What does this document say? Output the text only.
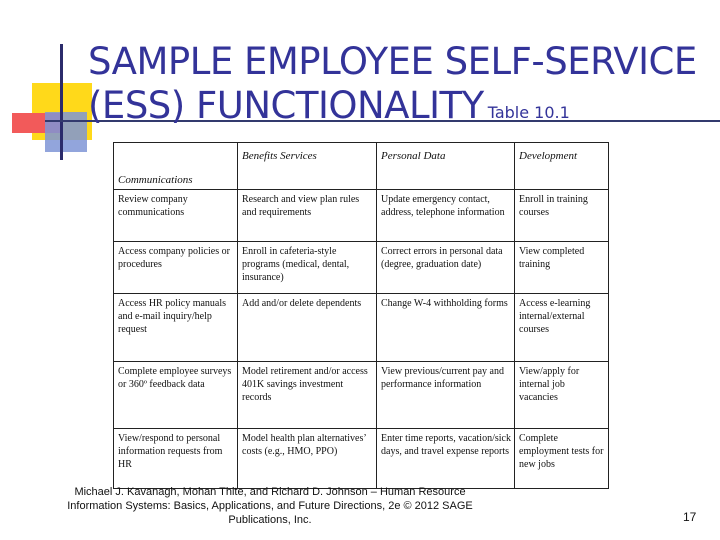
SAMPLE EMPLOYEE SELF-SERVICE
(ESS) FUNCTIONALITY Table 10.1
Communications	Benefits Services	Personal Data	Development
Review company communications	Research and view plan rules and requirements	Update emergency contact, address, telephone information	Enroll in training courses
Access company policies or procedures	Enroll in cafeteria-style programs (medical, dental, insurance)	Correct errors in personal data (degree, graduation date)	View completed training
Access HR policy manuals and e-mail inquiry/help request	Add and/or delete dependents	Change W-4 withholding forms	Access e-learning internal/external courses
Complete employee surveys or 360º feedback data	Model retirement and/or access 401K savings investment records	View previous/current pay and performance information	View/apply for internal job vacancies
View/respond to personal information requests from HR	Model health plan alternatives’ costs (e.g., HMO, PPO)	Enter time reports, vacation/sick days, and travel expense reports	Complete employment tests for new jobs
Michael J. Kavanagh, Mohan Thite, and Richard D. Johnson – Human Resource
Information Systems: Basics, Applications, and Future Directions, 2e © 2012 SAGE
Publications, Inc.	17
